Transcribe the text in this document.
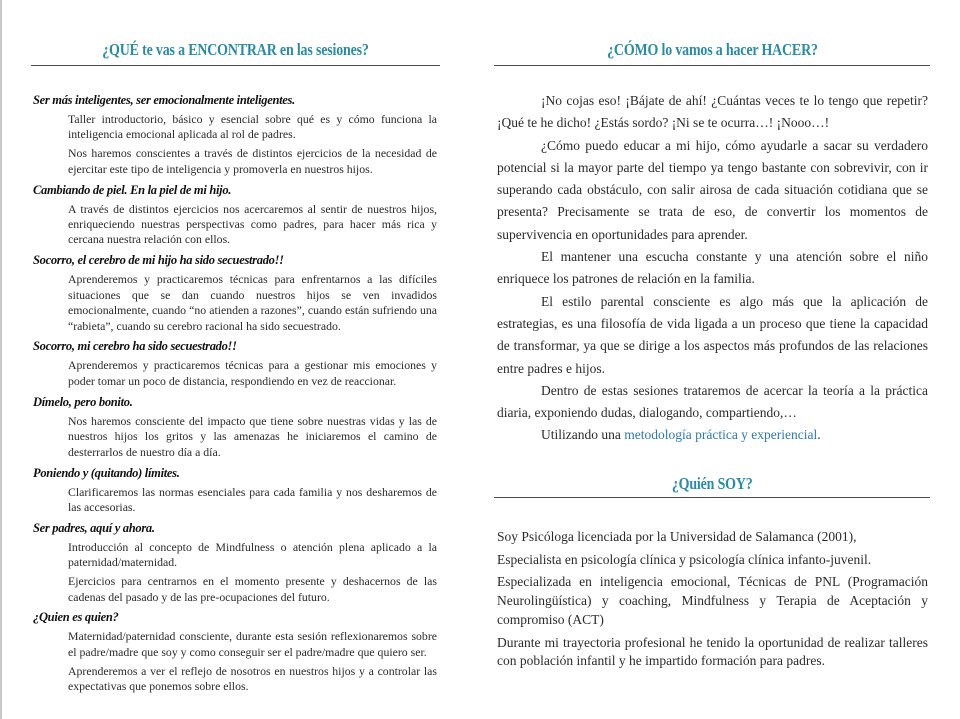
¿QUÉ te vas a ENCONTRAR en las sesiones?

Ser más inteligentes, ser emocionalmente inteligentes.

Taller introductorio, básico y esencial sobre qué es y cómo funciona la inteligencia emocional aplicada al rol de padres.

Nos haremos conscientes a través de distintos ejercicios de la necesidad de ejercitar este tipo de inteligencia y promoverla en nuestros hijos.

Cambiando de piel. En la piel de mi hijo.

A través de distintos ejercicios nos acercaremos al sentir de nuestros hijos, enriqueciendo nuestras perspectivas como padres, para hacer más rica y cercana nuestra relación con ellos.

Socorro, el cerebro de mi hijo ha sido secuestrado!!

Aprenderemos y practicaremos técnicas para enfrentarnos a las difíciles situaciones que se dan cuando nuestros hijos se ven invadidos emocionalmente, cuando “no atienden a razones”, cuando están sufriendo una “rabieta”, cuando su cerebro racional ha sido secuestrado.

Socorro, mi cerebro ha sido secuestrado!!

Aprenderemos y practicaremos técnicas para a gestionar mis emociones y poder tomar un poco de distancia, respondiendo en vez de reaccionar.

Dímelo, pero bonito.

Nos haremos consciente del impacto que tiene sobre nuestras vidas y las de nuestros hijos los gritos y las amenazas he iniciaremos el camino de desterrarlos de nuestro día a día.

Poniendo y (quitando) límites.

Clarificaremos las normas esenciales para cada familia y nos desharemos de las accesorias.

Ser padres, aquí y ahora.

Introducción al concepto de Mindfulness o atención plena aplicado a la paternidad/maternidad.

Ejercicios para centrarnos en el momento presente y deshacernos de las cadenas del pasado y de las pre-ocupaciones del futuro.

¿Quien es quien?

Maternidad/paternidad consciente, durante esta sesión reflexionaremos sobre el padre/madre que soy y como conseguir ser el padre/madre que quiero ser.

Aprenderemos a ver el reflejo de nosotros en nuestros hijos y a controlar las expectativas que ponemos sobre ellos.

¿CÓMO lo vamos a hacer HACER?

¡No cojas eso! ¡Bájate de ahí! ¿Cuántas veces te lo tengo que repetir? ¡Qué te he dicho! ¿Estás sordo? ¡Ni se te ocurra…! ¡Nooo…!

¿Cómo puedo educar a mi hijo, cómo ayudarle a sacar su verdadero potencial si la mayor parte del tiempo ya tengo bastante con sobrevivir, con ir superando cada obstáculo, con salir airosa de cada situación cotidiana que se presenta? Precisamente se trata de eso, de convertir los momentos de supervivencia en oportunidades para aprender.

El mantener una escucha constante y una atención sobre el niño enriquece los patrones de relación en la familia.

El estilo parental consciente es algo más que la aplicación de estrategias, es una filosofía de vida ligada a un proceso que tiene la capacidad de transformar, ya que se dirige a los aspectos más profundos de las relaciones entre padres e hijos.

Dentro de estas sesiones trataremos de acercar la teoría a la práctica diaria, exponiendo dudas, dialogando, compartiendo,…

Utilizando una metodología práctica y experiencial.

¿Quién SOY?

Soy Psicóloga licenciada por la Universidad de Salamanca (2001),

Especialista en psicología clínica y psicología clínica infanto-juvenil.

Especializada en inteligencia emocional, Técnicas de PNL (Programación Neurolingüística) y coaching, Mindfulness y Terapia de Aceptación y compromiso (ACT)

Durante mi trayectoria profesional he tenido la oportunidad de realizar talleres con población infantil y he impartido formación para padres.
